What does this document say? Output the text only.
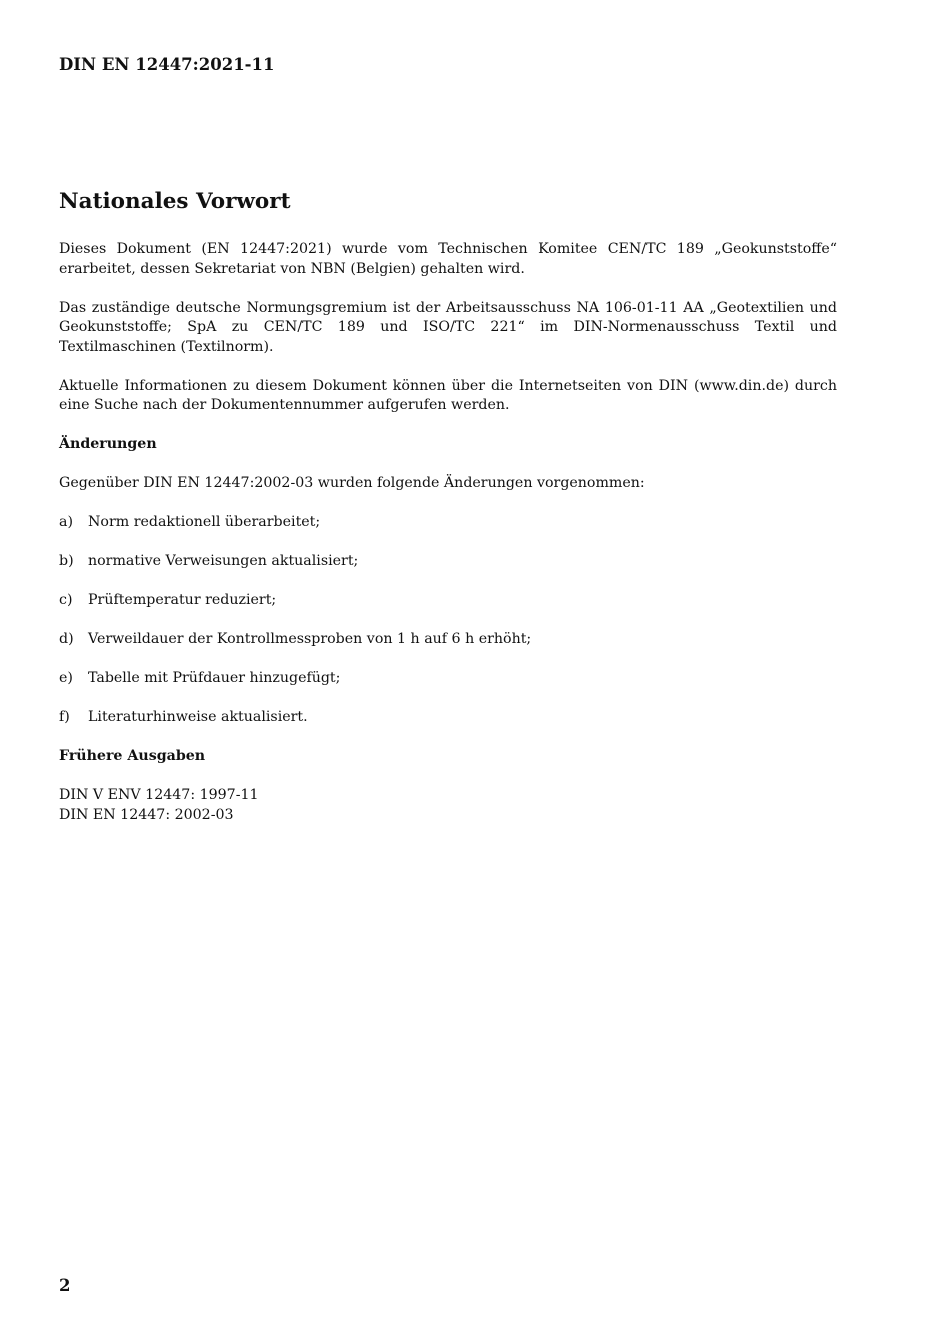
DIN EN 12447:2021-11

Nationales Vorwort

Dieses Dokument (EN 12447:2021) wurde vom Technischen Komitee CEN/TC 189 „Geokunststoffe“ erarbeitet, dessen Sekretariat von NBN (Belgien) gehalten wird.

Das zuständige deutsche Normungsgremium ist der Arbeitsausschuss NA 106-01-11 AA „Geotextilien und Geokunststoffe; SpA zu CEN/TC 189 und ISO/TC 221“ im DIN-Normenausschuss Textil und Textilmaschinen (Textilnorm).

Aktuelle Informationen zu diesem Dokument können über die Internetseiten von DIN (www.din.de) durch eine Suche nach der Dokumentennummer aufgerufen werden.

Änderungen

Gegenüber DIN EN 12447:2002-03 wurden folgende Änderungen vorgenommen:

a)	Norm redaktionell überarbeitet;
b)	normative Verweisungen aktualisiert;
c)	Prüftemperatur reduziert;
d)	Verweildauer der Kontrollmessproben von 1 h auf 6 h erhöht;
e)	Tabelle mit Prüfdauer hinzugefügt;
f)	Literaturhinweise aktualisiert.

Frühere Ausgaben

DIN V ENV 12447: 1997-11

DIN EN 12447: 2002-03

2
